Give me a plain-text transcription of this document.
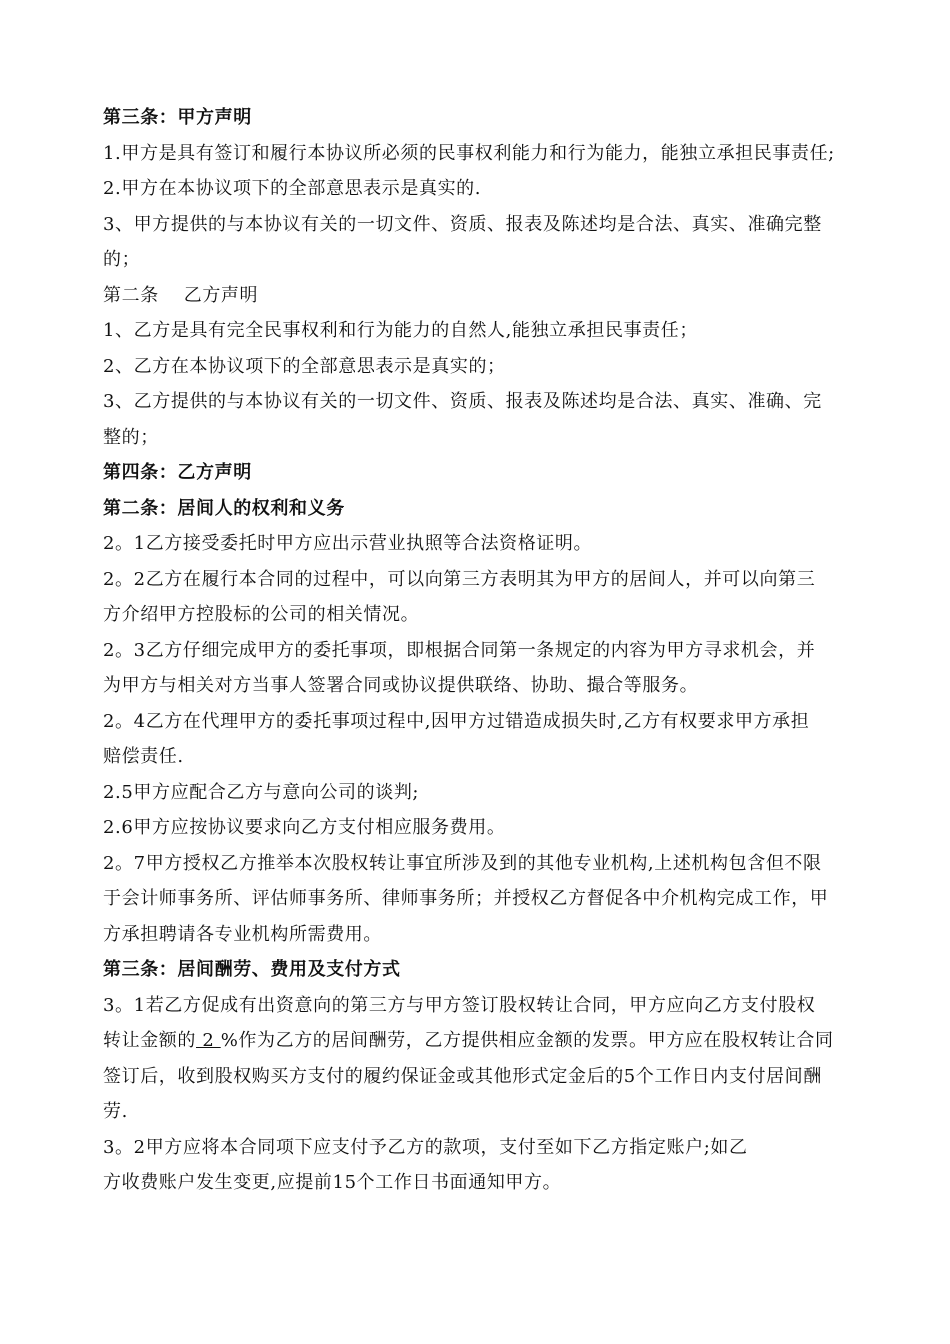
第三条：甲方声明
1.甲方是具有签订和履行本协议所必须的民事权利能力和行为能力，能独立承担民事责任;
2.甲方在本协议项下的全部意思表示是真实的.
3、甲方提供的与本协议有关的一切文件、资质、报表及陈述均是合法、真实、准确完整
的；
第二条　 乙方声明
1、乙方是具有完全民事权利和行为能力的自然人,能独立承担民事责任；
2、乙方在本协议项下的全部意思表示是真实的；
3、乙方提供的与本协议有关的一切文件、资质、报表及陈述均是合法、真实、准确、完
整的；
第四条：乙方声明
第二条：居间人的权利和义务
2。1乙方接受委托时甲方应出示营业执照等合法资格证明。
2。2乙方在履行本合同的过程中，可以向第三方表明其为甲方的居间人，并可以向第三
方介绍甲方控股标的公司的相关情况。
2。3乙方仔细完成甲方的委托事项，即根据合同第一条规定的内容为甲方寻求机会，并
为甲方与相关对方当事人签署合同或协议提供联络、协助、撮合等服务。
2。4乙方在代理甲方的委托事项过程中,因甲方过错造成损失时,乙方有权要求甲方承担
赔偿责任.
2.5甲方应配合乙方与意向公司的谈判;
2.6甲方应按协议要求向乙方支付相应服务费用。
2。7甲方授权乙方推举本次股权转让事宜所涉及到的其他专业机构,上述机构包含但不限
于会计师事务所、评估师事务所、律师事务所；并授权乙方督促各中介机构完成工作，甲
方承担聘请各专业机构所需费用。
第三条：居间酬劳、费用及支付方式
3。1若乙方促成有出资意向的第三方与甲方签订股权转让合同，甲方应向乙方支付股权
转让金额的 2 %作为乙方的居间酬劳，乙方提供相应金额的发票。甲方应在股权转让合同
签订后，收到股权购买方支付的履约保证金或其他形式定金后的5个工作日内支付居间酬
劳.
3。2甲方应将本合同项下应支付予乙方的款项，支付至如下乙方指定账户;如乙
方收费账户发生变更,应提前15个工作日书面通知甲方。
